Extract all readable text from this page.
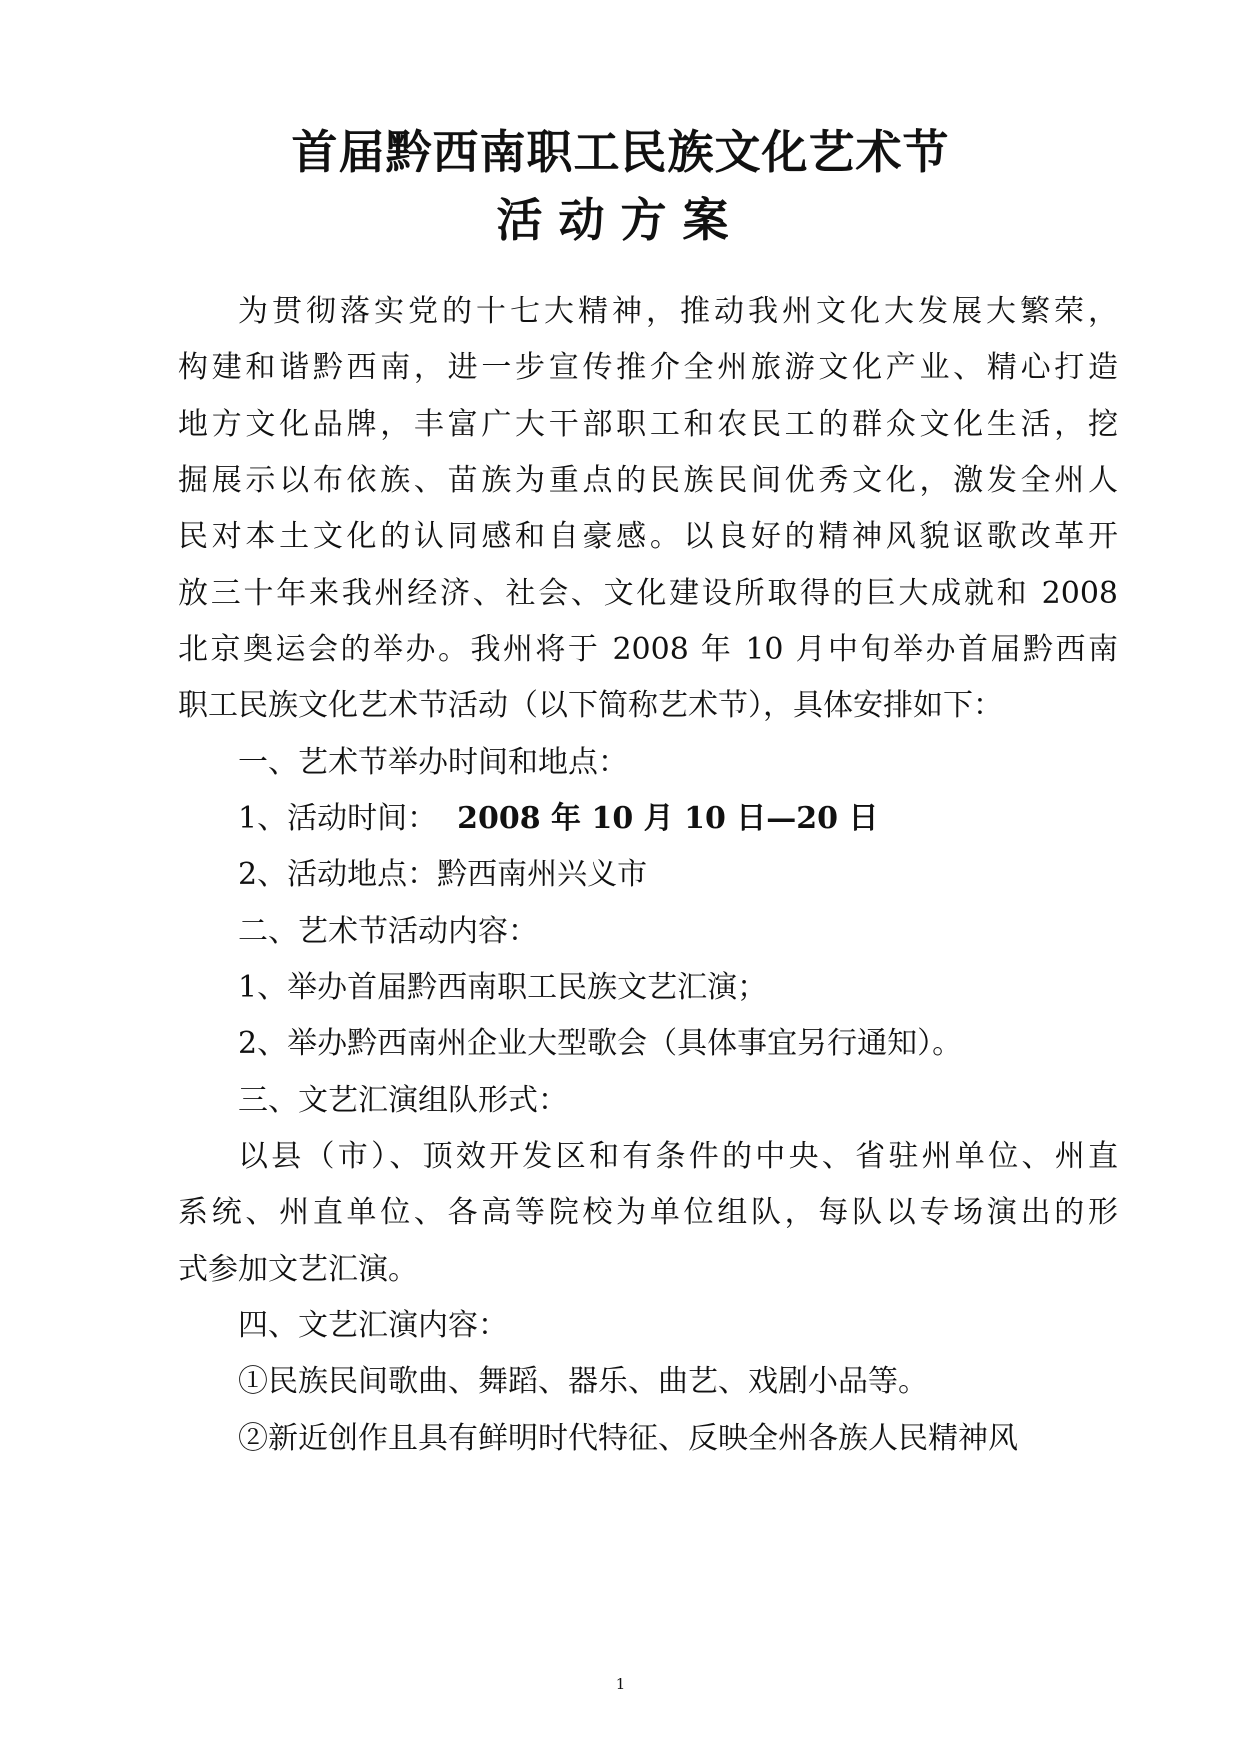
首届黔西南职工民族文化艺术节
活动方案
为贯彻落实党的十七大精神，推动我州文化大发展大繁荣，
构建和谐黔西南，进一步宣传推介全州旅游文化产业、精心打造
地方文化品牌，丰富广大干部职工和农民工的群众文化生活，挖
掘展示以布依族、苗族为重点的民族民间优秀文化，激发全州人
民对本土文化的认同感和自豪感。以良好的精神风貌讴歌改革开
放三十年来我州经济、社会、文化建设所取得的巨大成就和 2008
北京奥运会的举办。我州将于 2008 年 10 月中旬举办首届黔西南
职工民族文化艺术节活动（以下简称艺术节），具体安排如下：
一、艺术节举办时间和地点：
1、活动时间： 2008 年 10 月 10 日—20 日
2、活动地点：黔西南州兴义市
二、艺术节活动内容：
1、举办首届黔西南职工民族文艺汇演；
2、举办黔西南州企业大型歌会（具体事宜另行通知）。
三、文艺汇演组队形式：
以县（市）、顶效开发区和有条件的中央、省驻州单位、州直
系统、州直单位、各高等院校为单位组队，每队以专场演出的形
式参加文艺汇演。
四、文艺汇演内容：
①民族民间歌曲、舞蹈、器乐、曲艺、戏剧小品等。
②新近创作且具有鲜明时代特征、反映全州各族人民精神风
1
